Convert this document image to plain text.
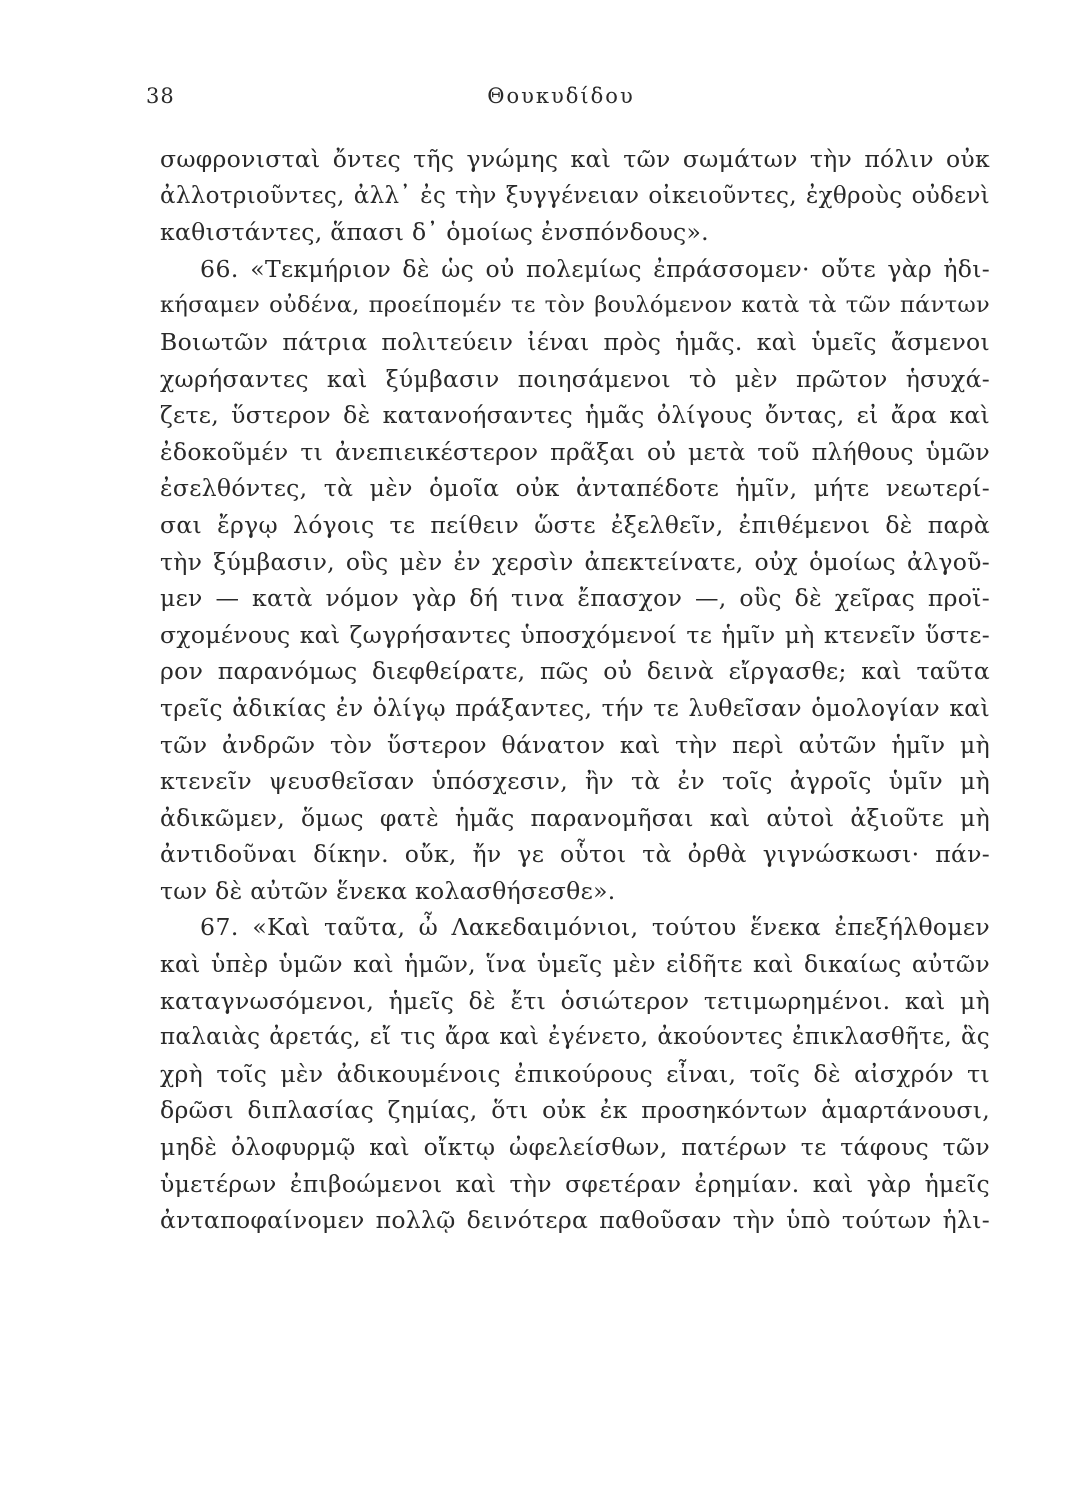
38	Θουκυδίδου
σωφρονισταὶ ὄντες τῆς γνώμης καὶ τῶν σωμάτων τὴν πόλιν οὐκ
ἀλλοτριοῦντες, ἀλλ᾽ ἐς τὴν ξυγγένειαν οἰκειοῦντες, ἐχθροὺς οὐδενὶ
καθιστάντες, ἅπασι δ᾽ ὁμοίως ἐνσπόνδους».
66. «Τεκμήριον δὲ ὡς οὐ πολεμίως ἐπράσσομεν· οὔτε γὰρ ἠδι-
κήσαμεν οὐδένα, προείπομέν τε τὸν βουλόμενον κατὰ τὰ τῶν πάντων
Βοιωτῶν πάτρια πολιτεύειν ἰέναι πρὸς ἡμᾶς. καὶ ὑμεῖς ἄσμενοι
χωρήσαντες καὶ ξύμβασιν ποιησάμενοι τὸ μὲν πρῶτον ἡσυχά-
ζετε, ὕστερον δὲ κατανοήσαντες ἡμᾶς ὀλίγους ὄντας, εἰ ἄρα καὶ
ἐδοκοῦμέν τι ἀνεπιεικέστερον πρᾶξαι οὐ μετὰ τοῦ πλήθους ὑμῶν
ἐσελθόντες, τὰ μὲν ὁμοῖα οὐκ ἀνταπέδοτε ἡμῖν, μήτε νεωτερί-
σαι ἔργῳ λόγοις τε πείθειν ὥστε ἐξελθεῖν, ἐπιθέμενοι δὲ παρὰ
τὴν ξύμβασιν, οὓς μὲν ἐν χερσὶν ἀπεκτείνατε, οὐχ ὁμοίως ἀλγοῦ-
μεν — κατὰ νόμον γὰρ δή τινα ἔπασχον —, οὓς δὲ χεῖρας προϊ-
σχομένους καὶ ζωγρήσαντες ὑποσχόμενοί τε ἡμῖν μὴ κτενεῖν ὕστε-
ρον παρανόμως διεφθείρατε, πῶς οὐ δεινὰ εἴργασθε; καὶ ταῦτα
τρεῖς ἀδικίας ἐν ὀλίγῳ πράξαντες, τήν τε λυθεῖσαν ὁμολογίαν καὶ
τῶν ἀνδρῶν τὸν ὕστερον θάνατον καὶ τὴν περὶ αὐτῶν ἡμῖν μὴ
κτενεῖν ψευσθεῖσαν ὑπόσχεσιν, ἢν τὰ ἐν τοῖς ἀγροῖς ὑμῖν μὴ
ἀδικῶμεν, ὅμως φατὲ ἡμᾶς παρανομῆσαι καὶ αὐτοὶ ἀξιοῦτε μὴ
ἀντιδοῦναι δίκην. οὔκ, ἤν γε οὗτοι τὰ ὀρθὰ γιγνώσκωσι· πάν-
των δὲ αὐτῶν ἕνεκα κολασθήσεσθε».
67. «Καὶ ταῦτα, ὦ Λακεδαιμόνιοι, τούτου ἕνεκα ἐπεξήλθομεν
καὶ ὑπὲρ ὑμῶν καὶ ἡμῶν, ἵνα ὑμεῖς μὲν εἰδῆτε καὶ δικαίως αὐτῶν
καταγνωσόμενοι, ἡμεῖς δὲ ἔτι ὁσιώτερον τετιμωρημένοι. καὶ μὴ
παλαιὰς ἀρετάς, εἴ τις ἄρα καὶ ἐγένετο, ἀκούοντες ἐπικλασθῆτε, ἃς
χρὴ τοῖς μὲν ἀδικουμένοις ἐπικούρους εἶναι, τοῖς δὲ αἰσχρόν τι
δρῶσι διπλασίας ζημίας, ὅτι οὐκ ἐκ προσηκόντων ἁμαρτάνουσι,
μηδὲ ὀλοφυρμῷ καὶ οἴκτῳ ὠφελείσθων, πατέρων τε τάφους τῶν
ὑμετέρων ἐπιβοώμενοι καὶ τὴν σφετέραν ἐρημίαν. καὶ γὰρ ἡμεῖς
ἀνταποφαίνομεν πολλῷ δεινότερα παθοῦσαν τὴν ὑπὸ τούτων ἡλι-
